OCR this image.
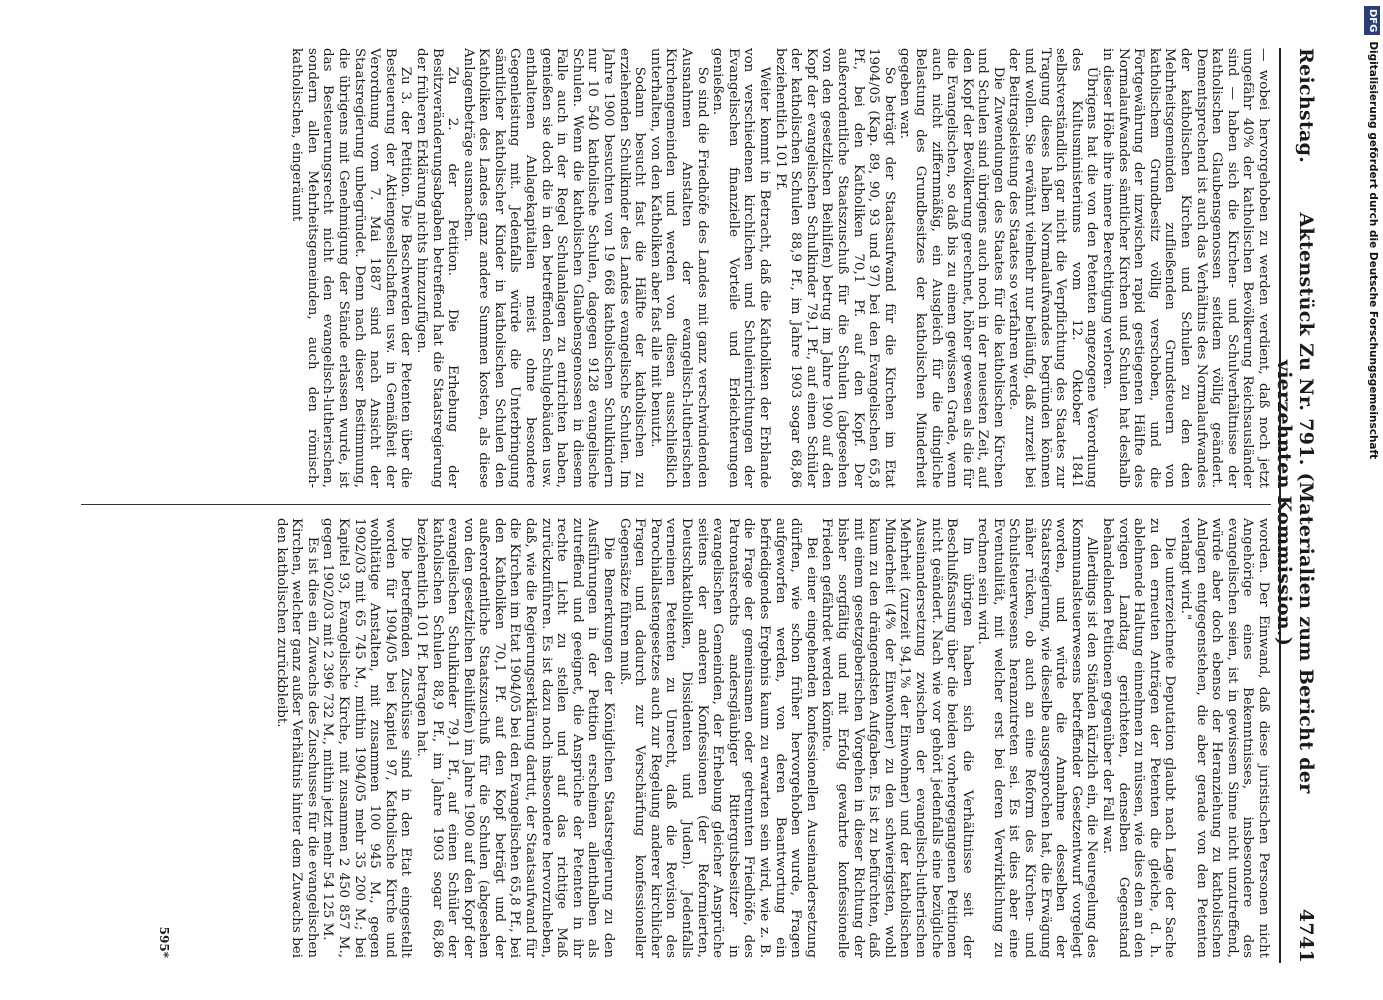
Reichstag.
Aktenstück Zu Nr. 791. (Materialien zum Bericht der vierzehnten Kommission.)
4741

— wobei hervorgehoben zu werden verdient, daß noch jetzt ungefähr 40% der katholischen Bevölkerung Reichsausländer sind — haben sich die Kirchen- und Schulverhältnisse der katholischen Glaubensgenossen seitdem völlig geändert. Dementsprechend ist auch das Verhältnis des Normalaufwandes der katholischen Kirchen und Schulen zu den den Mehrheitsgemeinden zufließenden Grundsteuern von katholischem Grundbesitz völlig verschoben, und die Fortgewährung der inzwischen rapid gestiegenen Hälfte des Normalaufwandes sämtlicher Kirchen und Schulen hat deshalb in dieser Höhe ihre innere Berechtigung verloren.

Übrigens hat die von den Petenten angezogene Verordnung des Kultusministeriums vom 12. Oktober 1841 selbstverständlich gar nicht die Verpflichtung des Staates zur Tragung dieses halben Normalaufwandes begründen können und wollen. Sie erwähnt vielmehr nur beiläufig, daß zurzeit bei der Beitragsleistung des Staates so verfahren werde.

Die Zuwendungen des Staates für die katholischen Kirchen und Schulen sind übrigens auch noch in der neuesten Zeit, auf den Kopf der Bevölkerung gerechnet, höher gewesen als die für die Evangelischen, so daß bis zu einem gewissen Grade, wenn auch nicht ziffernmäßig, ein Ausgleich für die dingliche Belastung des Grundbesitzes der katholischen Minderheit gegeben war.

So beträgt der Staatsaufwand für die Kirchen im Etat 1904/05 (Kap. 89, 90, 93 und 97) bei den Evangelischen 65,8 Pf., bei den Katholiken 70,1 Pf. auf den Kopf. Der außerordentliche Staatszuschuß für die Schulen (abgesehen von den gesetzlichen Beihilfen) betrug im Jahre 1900 auf den Kopf der evangelischen Schulkinder 79,1 Pf., auf einen Schüler der katholischen Schulen 88,9 Pf., im Jahre 1903 sogar 68,86 beziehentlich 101 Pf.

Weiter kommt in Betracht, daß die Katholiken der Erblande von verschiedenen kirchlichen und Schuleinrichtungen der Evangelischen finanzielle Vorteile und Erleichterungen genießen.

So sind die Friedhöfe des Landes mit ganz verschwindenden Ausnahmen Anstalten der evangelisch-lutherischen Kirchengemeinden und werden von diesen ausschließlich unterhalten, von den Katholiken aber fast alle mit benutzt.

Sodann besucht fast die Hälfte der katholischen zu erziehenden Schulkinder des Landes evangelische Schulen. Im Jahre 1900 besuchten von 19 668 katholischen Schulkindern nur 10 540 katholische Schulen, dagegen 9128 evangelische Schulen. Wenn die katholischen Glaubensgenossen in diesem Falle auch in der Regel Schulanlagen zu entrichten haben, genießen sie doch die in den betreffenden Schulgebäuden usw. enthaltenen Anlagekapitalien meist ohne besondere Gegenleistung mit. Jedenfalls würde die Unterbringung sämtlicher katholischer Kinder in katholischen Schulen den Katholiken des Landes ganz andere Summen kosten, als diese Anlagenbeträge ausmachen.

Zu 2. der Petition. Die Erhebung der Besitzveränderungsabgaben betreffend hat die Staatsregierung der früheren Erklärung nichts hinzuzufügen.

Zu 3. der Petition. Die Beschwerden der Petenten über die Besteuerung der Aktiengesellschaften usw. in Gemäßheit der Verordnung vom 7. Mai 1887 sind nach Ansicht der Staatsregierung unbegründet. Denn nach dieser Bestimmung, die übrigens mit Genehmigung der Stände erlassen wurde, ist das Besteuerungsrecht nicht den evangelisch-lutherischen, sondern allen Mehrheitsgemeinden, auch den römisch-katholischen, eingeräumt

worden. Der Einwand, daß diese juristischen Personen nicht Angehörige eines Bekenntnisses, insbesondere des evangelischen seien, ist in gewissem Sinne nicht unzutreffend, würde aber doch ebenso der Heranziehung zu katholischen Anlagen entgegenstehen, die aber gerade von den Petenten verlangt wird."

Die unterzeichnete Deputation glaubt nach Lage der Sache zu den erneuten Anträgen der Petenten die gleiche, d. h. ablehnende Haltung einnehmen zu müssen, wie dies den an den vorigen Landtag gerichteten, denselben Gegenstand behandelnden Petitionen gegenüber der Fall war.

Allerdings ist den Ständen kürzlich ein, die Neuregelung des Kommunalsteuerwesens betreffender Gesetzentwurf vorgelegt worden, und würde die Annahme desselben der Staatsregierung, wie dieselbe ausgesprochen hat, die Erwägung näher rücken, ob auch an eine Reform des Kirchen- und Schulsteuerwesens heranzutreten sei. Es ist dies aber eine Eventualität, mit welcher erst bei deren Verwirklichung zu rechnen sein wird.

Im übrigen haben sich die Verhältnisse seit der Beschlußfassung über die beiden vorhergegangenen Petitionen nicht geändert. Nach wie vor gehört jedenfalls eine bezügliche Auseinandersetzung zwischen der evangelisch-lutherischen Mehrheit (zurzeit 94,1% der Einwohner) und der katholischen Minderheit (4% der Einwohner) zu den schwierigsten, wohl kaum zu den drängendsten Aufgaben. Es ist zu befürchten, daß mit einem gesetzgeberischen Vorgehen in dieser Richtung der bisher sorgfältig und mit Erfolg gewahrte konfessionelle Frieden gefährdet werden könnte.

Bei einer eingehenden konfessionellen Auseinandersetzung dürften, wie schon früher hervorgehoben wurde, Fragen aufgeworfen werden, von deren Beantwortung ein befriedigendes Ergebnis kaum zu erwarten sein wird, wie z. B. die Frage der gemeinsamen oder getrennten Friedhöfe, des Patronatsrechts andersgläubiger Rittergutsbesitzer in evangelischen Gemeinden, der Erhebung gleicher Ansprüche seitens der anderen Konfessionen (der Reformierten, Deutschkatholiken, Dissidenten und Juden). Jedenfalls verneinen Petenten zu Unrecht, daß die Revision des Parochiallastengesetzes auch zur Regelung anderer kirchlicher Fragen und dadurch zur Verschärfung konfessioneller Gegensätze führen muß.

Die Bemerkungen der Königlichen Staatsregierung zu den Ausführungen in der Petition erscheinen allenthalben als zutreffend und geeignet, die Ansprüche der Petenten in ihr rechte Licht zu stellen und auf das richtige Maß zurückzuführen. Es ist dazu noch insbesondere hervorzuheben, daß, wie die Regierungserklärung dartut, der Staatsaufwand für die Kirchen im Etat 1904/05 bei den Evangelischen 65,8 Pf., bei den Katholiken 70,1 Pf. auf den Kopf beträgt und der außerordentliche Staatszuschuß für die Schulen (abgesehen von den gesetzlichen Beihilfen) im Jahre 1900 auf den Kopf der evangelischen Schulkinder 79,1 Pf., auf einen Schüler der katholischen Schulen 88,9 Pf., im Jahre 1903 sogar 68,86 beziehentlich 101 Pf. betragen hat.

Die betreffenden Zuschüsse sind in den Etat eingestellt worden für 1904/05 bei Kapitel 97, Katholische Kirche und wohltätige Anstalten, mit zusammen 100 945 M., gegen 1902/03 mit 65 745 M., mithin 1904/05 mehr 35 200 M.; bei Kapitel 93, Evangelische Kirche, mit zusammen 2 450 857 M., gegen 1902/03 mit 2 396 732 M., mithin jetzt mehr 54 125 M.

Es ist dies ein Zuwachs des Zuschusses für die evangelischen Kirchen, welcher ganz außer Verhältnis hinter dem Zuwachs bei den katholischen zurückbleibt.

595*
DFGDigitalisierung gefördert durch die Deutsche Forschungsgemeinschaft
